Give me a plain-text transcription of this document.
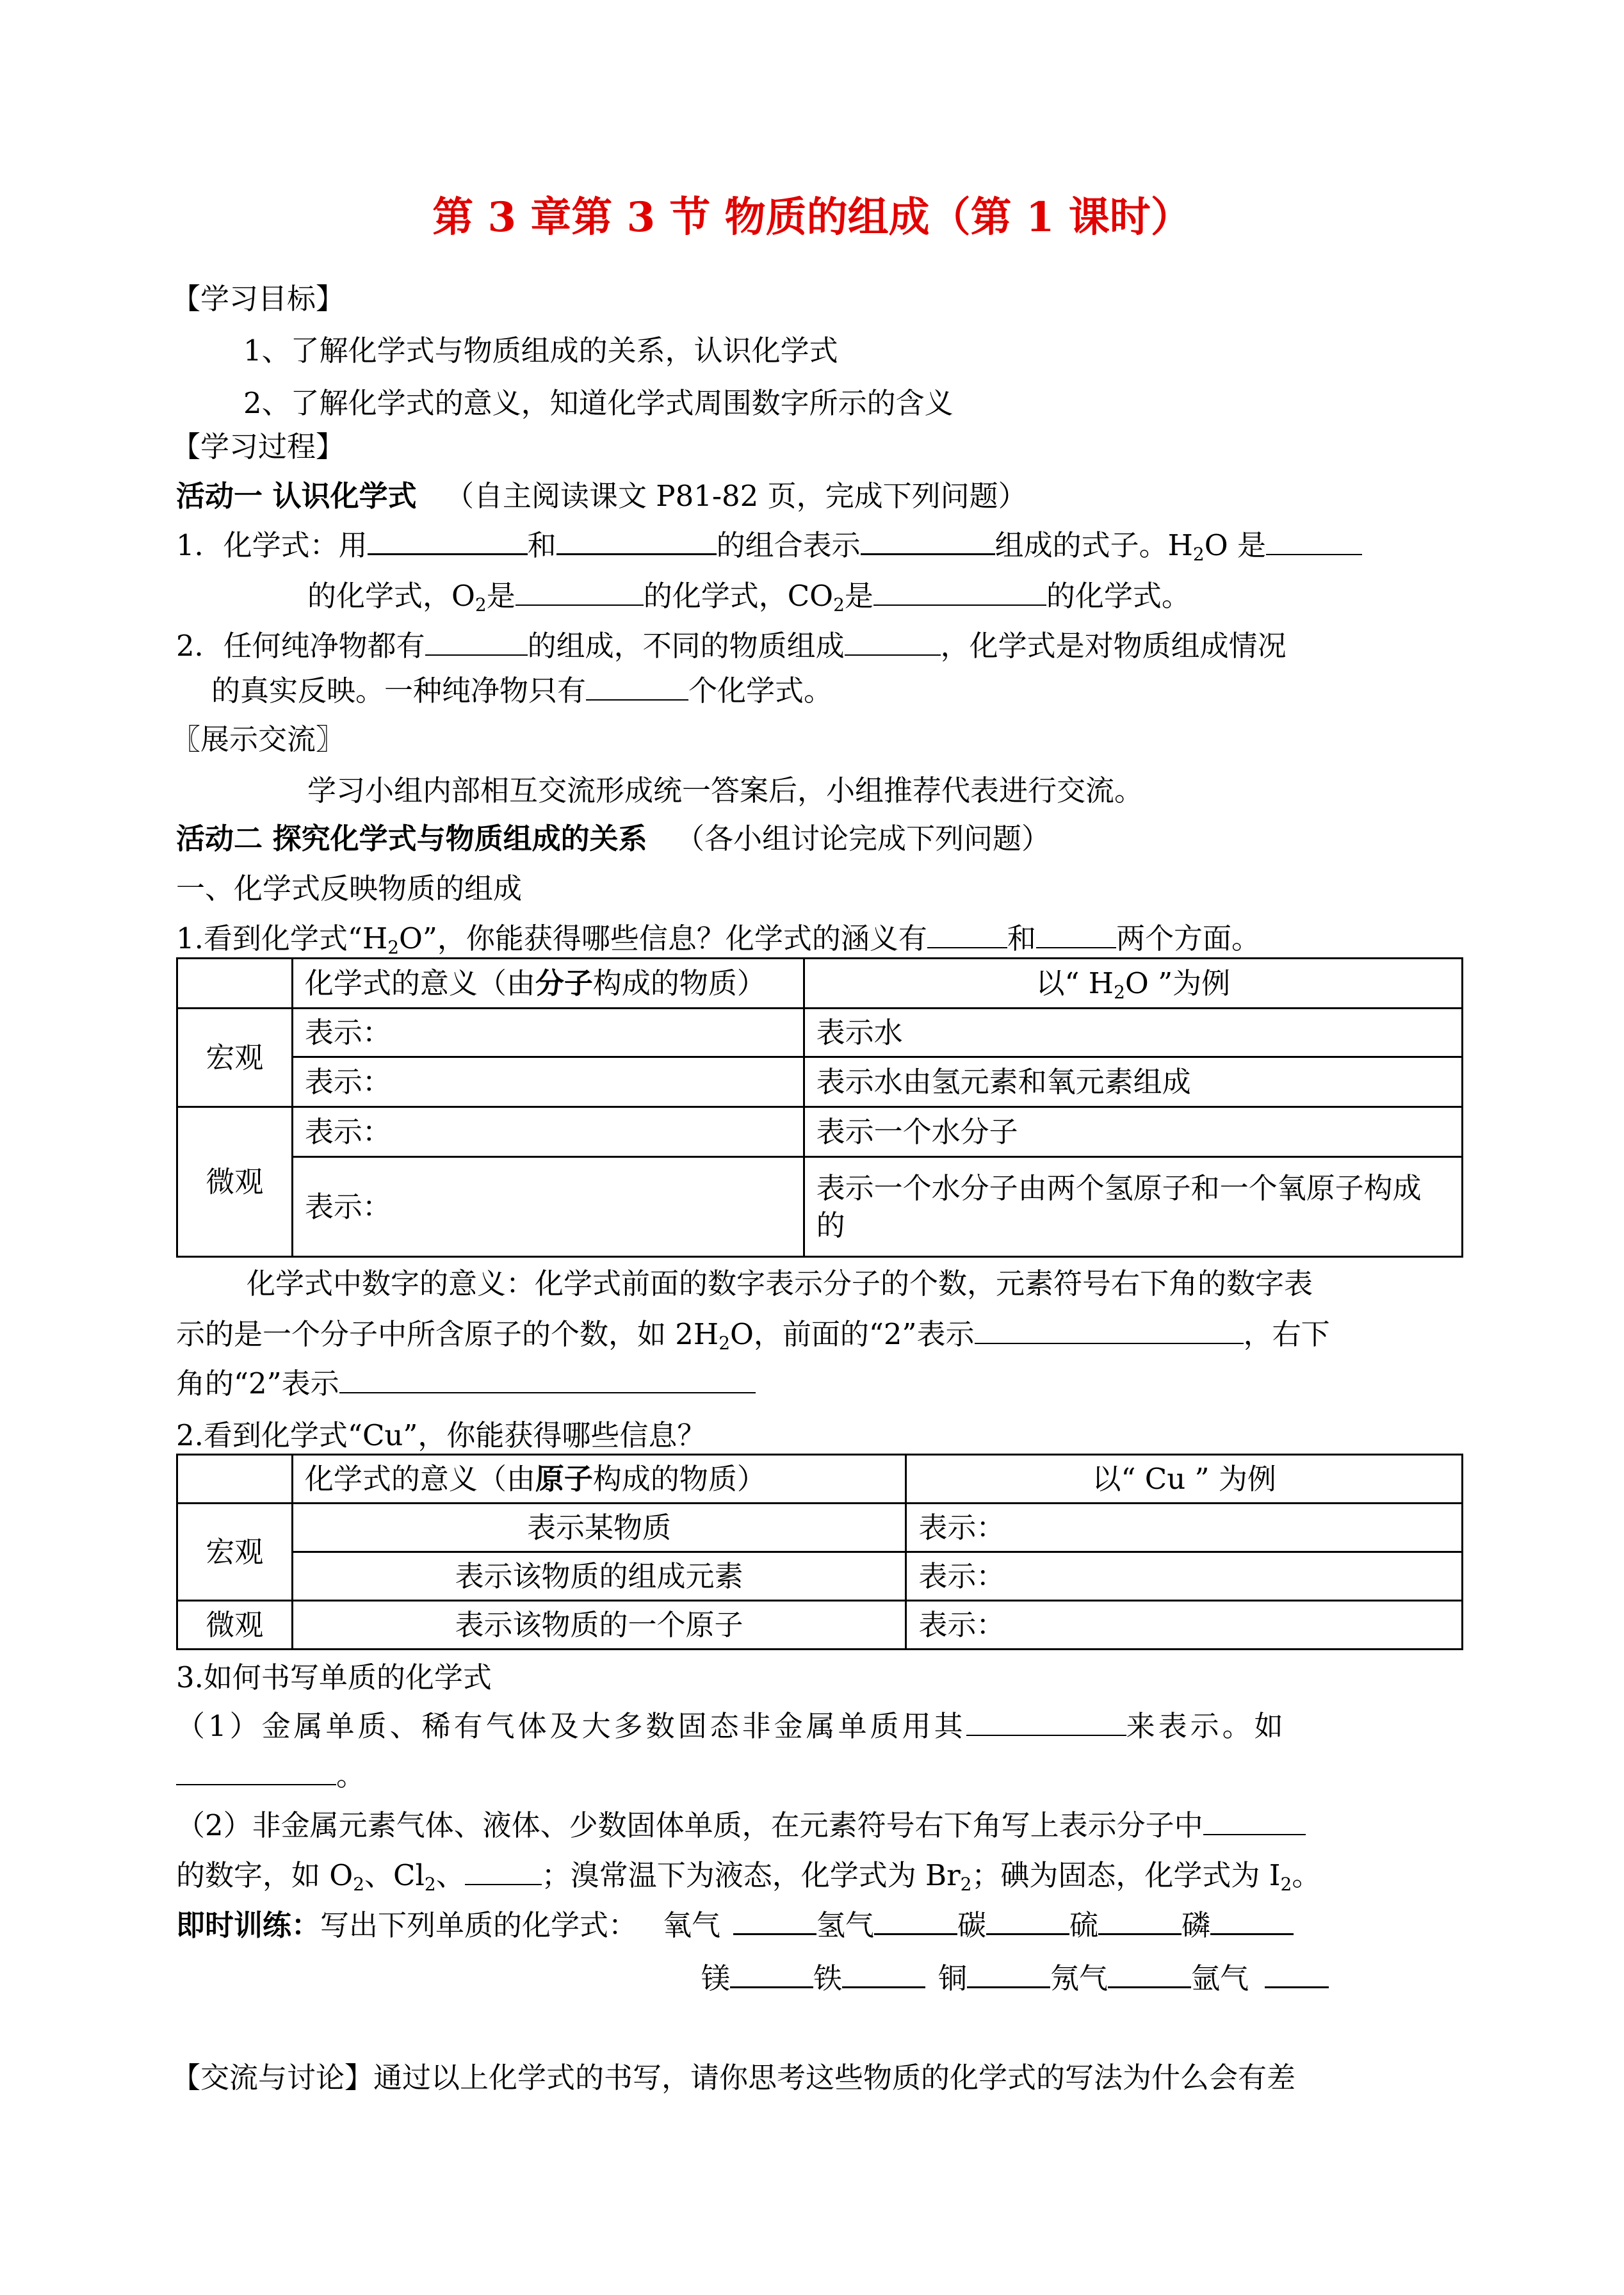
第 3 章第 3 节 物质的组成（第 1 课时）
【学习目标】
1、了解化学式与物质组成的关系，认识化学式
2、了解化学式的意义，知道化学式周围数字所示的含义
【学习过程】
活动一 认识化学式 （自主阅读课文 P81-82 页，完成下列问题）
1．化学式：用	和	的组合表示	组成的式子。$H_2O$ 是
的化学式，$O_2$是	的化学式，$CO_2$是	的化学式。
2．任何纯净物都有	的组成，不同的物质组成	，化学式是对物质组成情况
的真实反映。一种纯净物只有	个化学式。
〖展示交流〗
学习小组内部相互交流形成统一答案后，小组推荐代表进行交流。
活动二 探究化学式与物质组成的关系 （各小组讨论完成下列问题）
一、化学式反映物质的组成
1.看到化学式“$H_2O$”，你能获得哪些信息？化学式的涵义有	和	两个方面。
	化学式的意义（由分子构成的物质）	以“ $H_2O$ ”为例
宏观	表示：	表示水
	表示：	表示水由氢元素和氧元素组成
微观	表示：	表示一个水分子
	表示：	表示一个水分子由两个氢原子和一个氧原子构成的
化学式中数字的意义：化学式前面的数字表示分子的个数，元素符号右下角的数字表
示的是一个分子中所含原子的个数，如 $2H_2O$，前面的“2”表示	，右下
角的“2”表示
2.看到化学式“Cu”，你能获得哪些信息？
	化学式的意义（由原子构成的物质）	以“ Cu ” 为例
宏观	表示某物质	表示：
	表示该物质的组成元素	表示：
微观	表示该物质的一个原子	表示：
3.如何书写单质的化学式
（1）金属单质、稀有气体及大多数固态非金属单质用其	来表示。如
。
（2）非金属元素气体、液体、少数固体单质，在元素符号右下角写上表示分子中
的数字，如 $O_2$、$Cl_2$、	；溴常温下为液态，化学式为 $Br_2$；碘为固态，化学式为 $I_2$。
即时训练：写出下列单质的化学式： 氧气	氢气	碳	硫	磷
镁	铁	铜	氖气	氩气
【交流与讨论】通过以上化学式的书写，请你思考这些物质的化学式的写法为什么会有差
